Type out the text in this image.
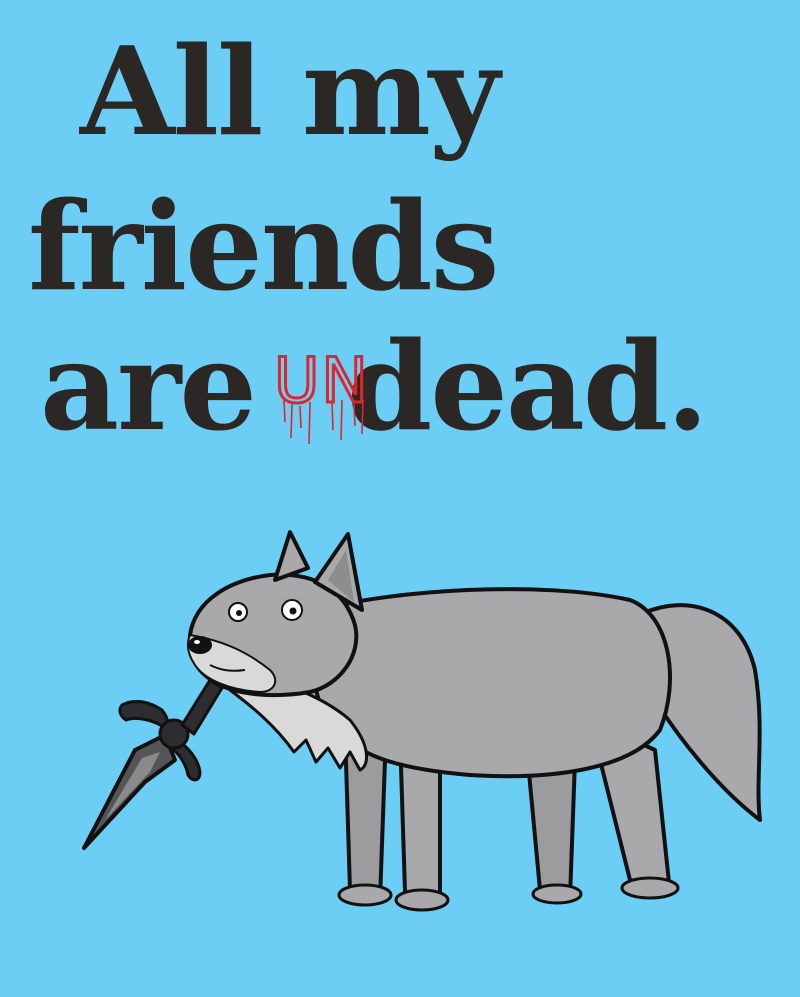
All my

friends

are dead.

UN
